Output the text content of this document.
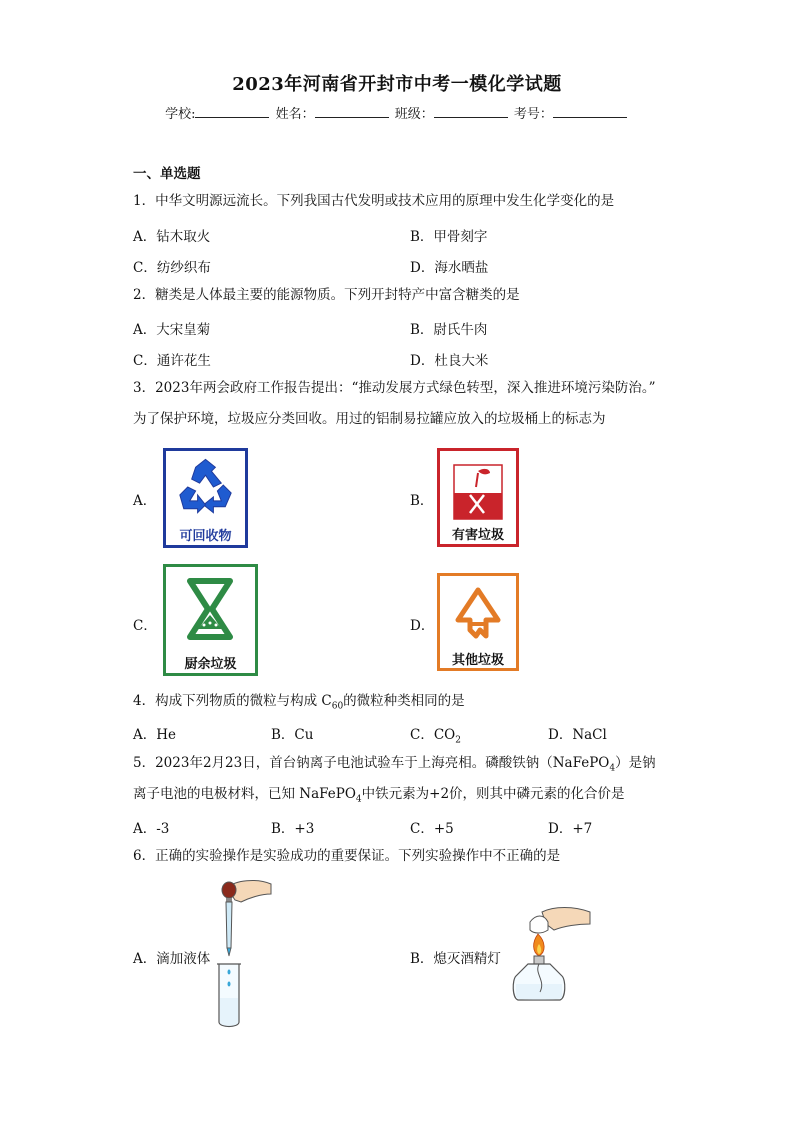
2023年河南省开封市中考一模化学试题
学校:	姓名：	班级：	考号：
一、单选题
1．中华文明源远流长。下列我国古代发明或技术应用的原理中发生化学变化的是
A．钻木取火	B．甲骨刻字
C．纺纱织布	D．海水晒盐
2．糖类是人体最主要的能源物质。下列开封特产中富含糖类的是
A．大宋皇菊	B．尉氏牛肉
C．通许花生	D．杜良大米
3．2023年两会政府工作报告提出：“推动发展方式绿色转型，深入推进环境污染防治。”
为了保护环境，垃圾应分类回收。用过的铝制易拉罐应放入的垃圾桶上的标志为
A．
可回收物
B．
有害垃圾
C．
厨余垃圾
D．
其他垃圾
4．构成下列物质的微粒与构成 $C_{60}$的微粒种类相同的是
A．He	B．Cu	C．$CO_2$	D．NaCl
5．2023年2月23日，首台钠离子电池试验车于上海亮相。磷酸铁钠（NaFePO$_4$）是钠
离子电池的电极材料，已知 NaFePO$_4$中铁元素为+2价，则其中磷元素的化合价是
A．-3	B．+3	C．+5	D．+7
6．正确的实验操作是实验成功的重要保证。下列实验操作中不正确的是
A．滴加液体	B．熄灭酒精灯
